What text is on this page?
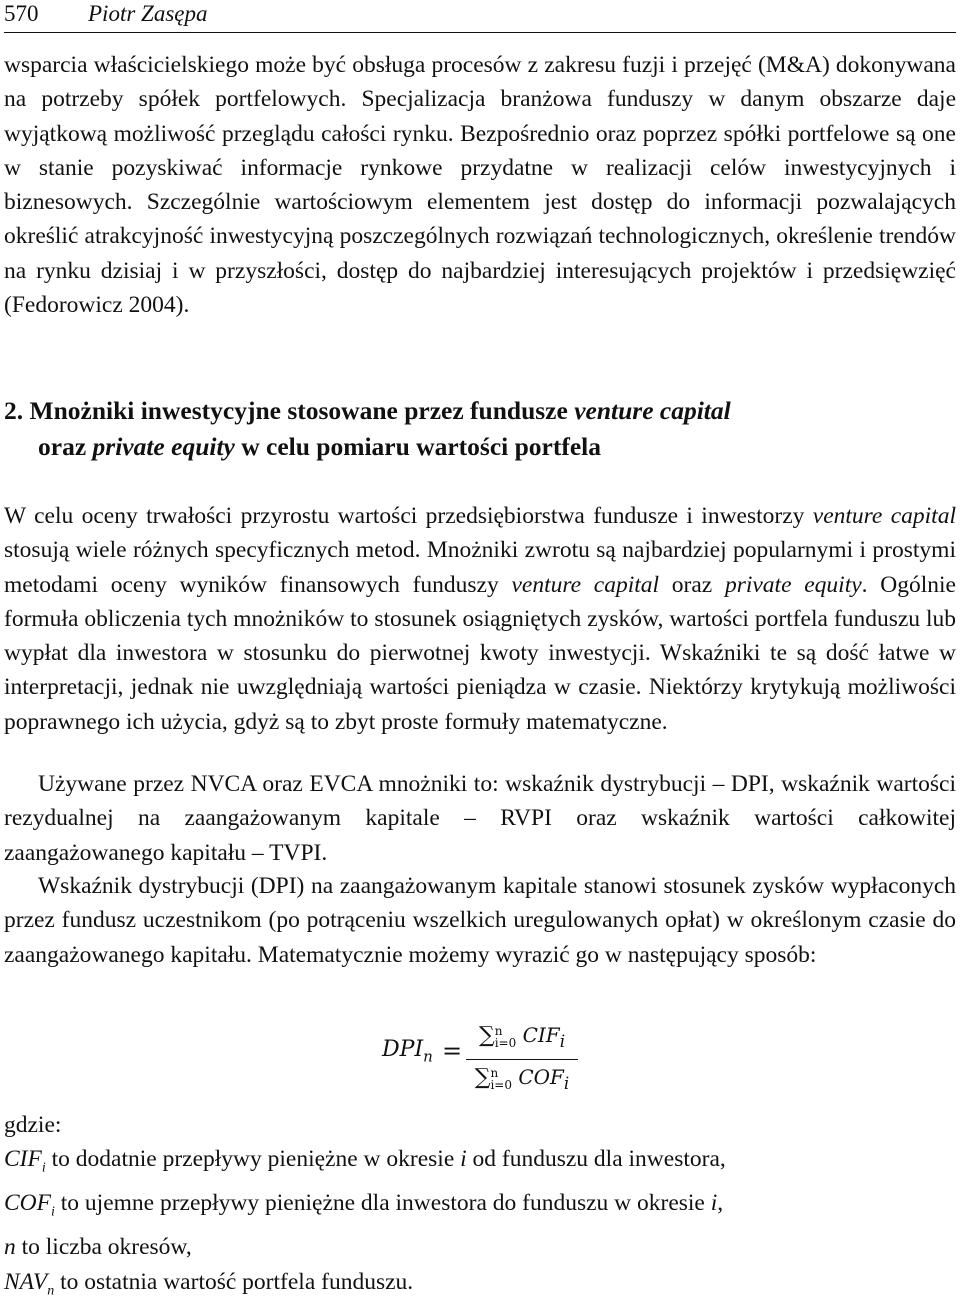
570 Piotr Zasępa

wsparcia właścicielskiego może być obsługa procesów z zakresu fuzji i przejęć (M&A) dokonywana na potrzeby spółek portfelowych. Specjalizacja branżowa funduszy w danym obszarze daje wyjątkową możliwość przeglądu całości rynku. Bezpośrednio oraz poprzez spółki portfelowe są one w stanie pozyskiwać informacje rynkowe przydatne w realizacji celów inwestycyjnych i biznesowych. Szczególnie wartościowym elementem jest dostęp do informacji pozwalających określić atrakcyjność inwestycyjną poszczególnych rozwiązań technologicznych, określenie trendów na rynku dzisiaj i w przyszłości, dostęp do najbardziej interesujących projektów i przedsięwzięć (Fedorowicz 2004).

2. Mnożniki inwestycyjne stosowane przez fundusze venture capital
oraz private equity w celu pomiaru wartości portfela

W celu oceny trwałości przyrostu wartości przedsiębiorstwa fundusze i inwestorzy venture capital stosują wiele różnych specyficznych metod. Mnożniki zwrotu są najbardziej popularnymi i prostymi metodami oceny wyników finansowych funduszy venture capital oraz private equity. Ogólnie formuła obliczenia tych mnożników to stosunek osiągniętych zysków, wartości portfela funduszu lub wypłat dla inwestora w stosunku do pierwotnej kwoty inwestycji. Wskaźniki te są dość łatwe w interpretacji, jednak nie uwzględniają wartości pieniądza w czasie. Niektórzy krytykują możliwości poprawnego ich użycia, gdyż są to zbyt proste formuły matematyczne.

Używane przez NVCA oraz EVCA mnożniki to: wskaźnik dystrybucji – DPI, wskaźnik wartości rezydualnej na zaangażowanym kapitale – RVPI oraz wskaźnik wartości całkowitej zaangażowanego kapitału – TVPI.

Wskaźnik dystrybucji (DPI) na zaangażowanym kapitale stanowi stosunek zysków wypłaconych przez fundusz uczestnikom (po potrąceniu wszelkich uregulowanych opłat) w określonym czasie do zaangażowanego kapitału. Matematycznie możemy wyrazić go w następujący sposób:

$DPI_n$ =
∑n
i=0 $CIF_i$
∑n
i=0 $COF_i$
gdzie:
$CIF_i$ to dodatnie przepływy pieniężne w okresie i od funduszu dla inwestora,
$COF_i$ to ujemne przepływy pieniężne dla inwestora do funduszu w okresie i,
n to liczba okresów,
$NAV_n$ to ostatnia wartość portfela funduszu.
